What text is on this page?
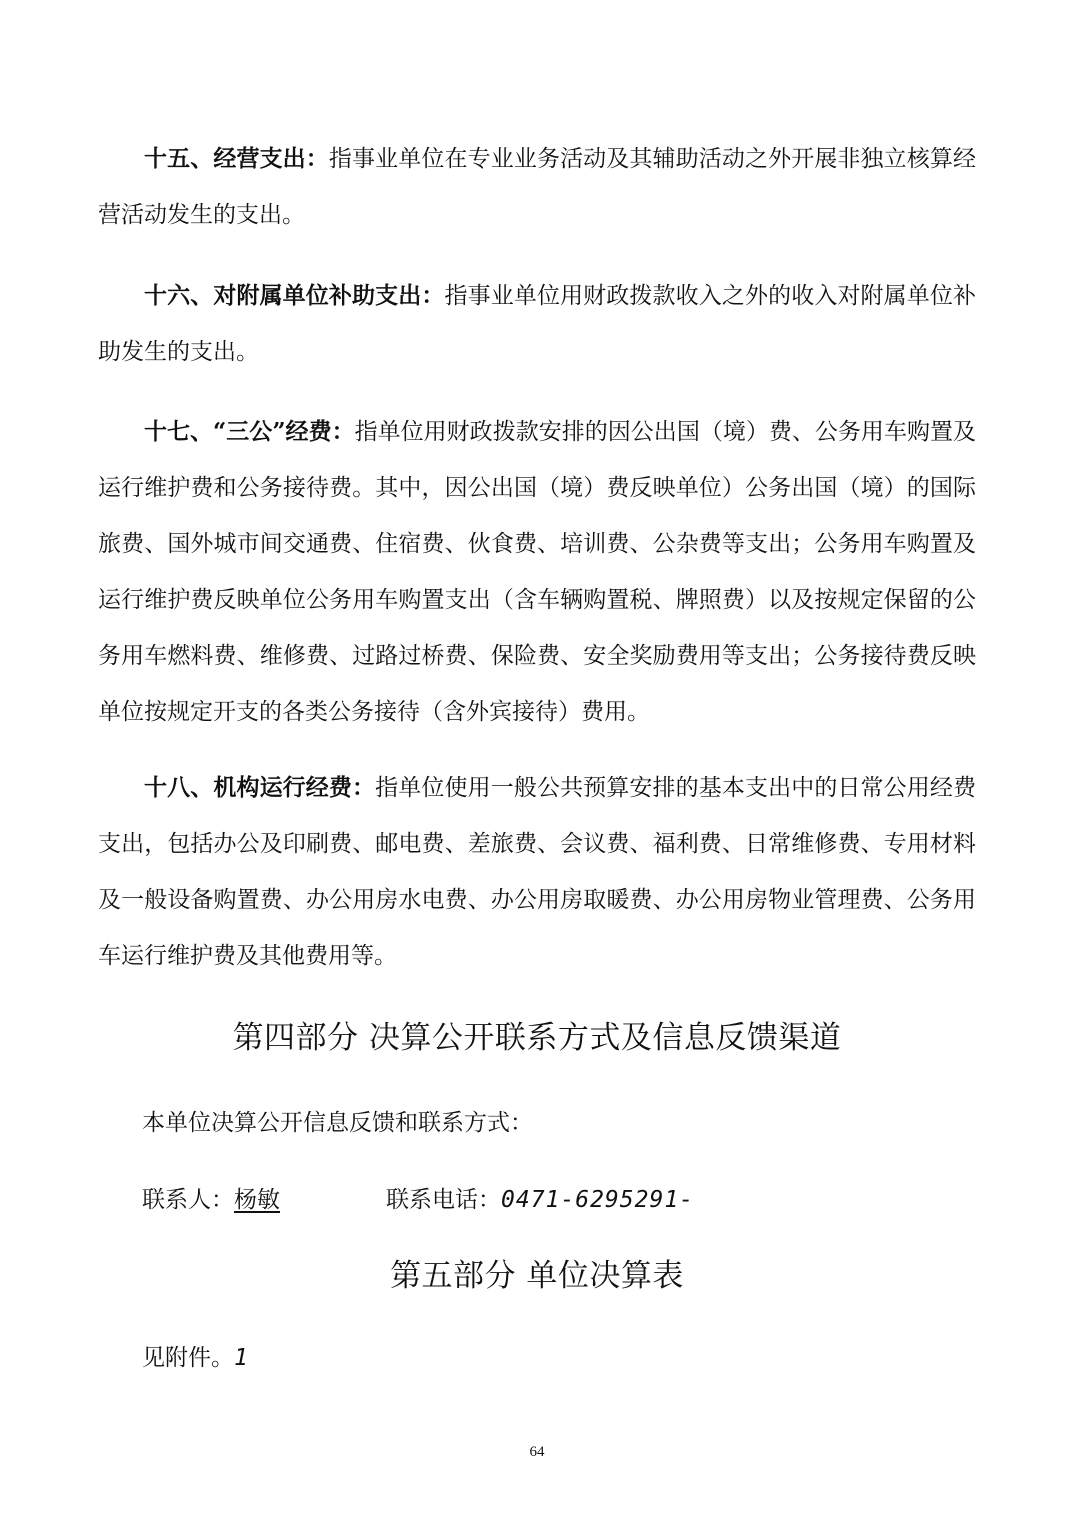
十五、经营支出：指事业单位在专业业务活动及其辅助活动之外开展非独立核算经营活动发生的支出。

十六、对附属单位补助支出：指事业单位用财政拨款收入之外的收入对附属单位补助发生的支出。

十七、“三公”经费：指单位用财政拨款安排的因公出国（境）费、公务用车购置及运行维护费和公务接待费。其中，因公出国（境）费反映单位）公务出国（境）的国际旅费、国外城市间交通费、住宿费、伙食费、培训费、公杂费等支出；公务用车购置及运行维护费反映单位公务用车购置支出（含车辆购置税、牌照费）以及按规定保留的公务用车燃料费、维修费、过路过桥费、保险费、安全奖励费用等支出；公务接待费反映单位按规定开支的各类公务接待（含外宾接待）费用。

十八、机构运行经费：指单位使用一般公共预算安排的基本支出中的日常公用经费支出，包括办公及印刷费、邮电费、差旅费、会议费、福利费、日常维修费、专用材料及一般设备购置费、办公用房水电费、办公用房取暖费、办公用房物业管理费、公务用车运行维护费及其他费用等。

第四部分 决算公开联系方式及信息反馈渠道

本单位决算公开信息反馈和联系方式：

联系人：杨敏	联系电话：0471-6295291-

第五部分 单位决算表

见附件。1

64
